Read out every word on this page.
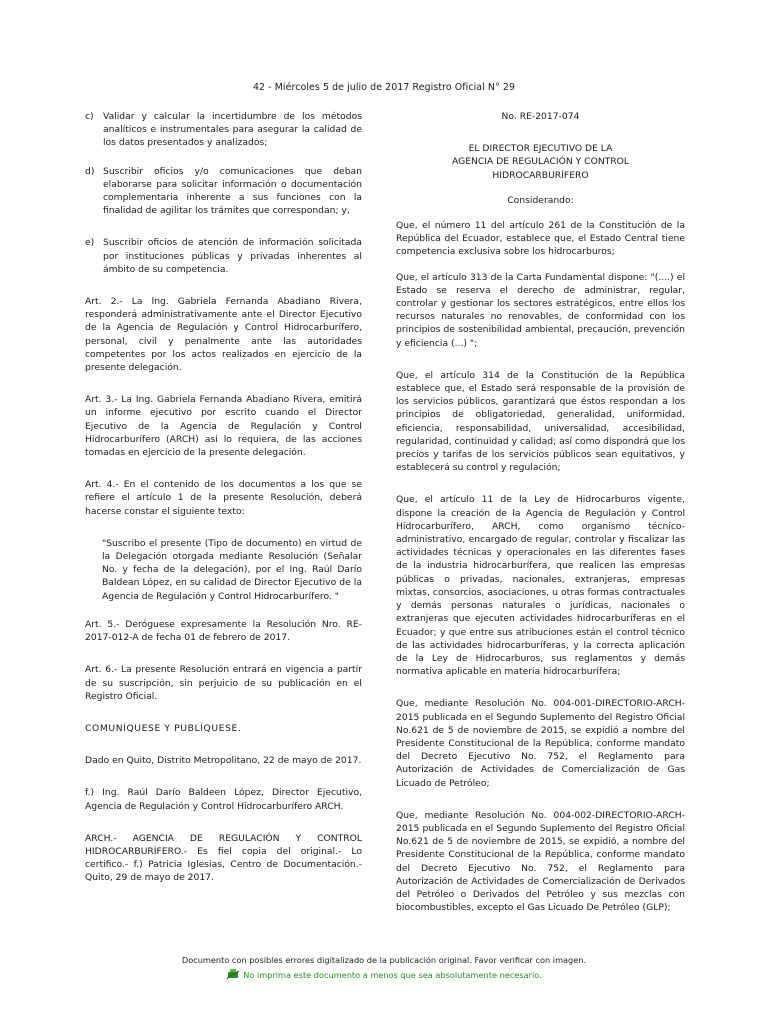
42 - Miércoles 5 de julio de 2017 Registro Oficial N° 29
c)	Validar y calcular la incertidumbre de los métodos analíticos e instrumentales para asegurar la calidad de los datos presentados y analizados;
d) Suscribir oficios y/o comunicaciones que deban elaborarse para solicitar información o documentación complementaria inherente a sus funciones con la finalidad de agilitar los trámites que correspondan; y,
e) Suscribir oficios de atención de información solicitada por instituciones públicas y privadas inherentes al ámbito de su competencia.

Art. 2.- La Ing. Gabriela Fernanda Abadiano Rivera, responderá administrativamente ante el Director Ejecutivo de la Agencia de Regulación y Control Hidrocarburífero, personal, civil y penalmente ante las autoridades competentes por los actos realizados en ejercicio de la presente delegación.

Art. 3.- La Ing. Gabriela Fernanda Abadiano Rivera, emitirá un informe ejecutivo por escrito cuando el Director Ejecutivo de la Agencia de Regulación y Control Hidrocarburífero (ARCH) así lo requiera, de las acciones tomadas en ejercicio de la presente delegación.

Art. 4.- En el contenido de los documentos a los que se refiere el artículo 1 de la presente Resolución, deberá hacerse constar el siguiente texto:

"Suscribo el presente (Tipo de documento) en virtud de la Delegación otorgada mediante Resolución (Señalar No. y fecha de la delegación), por el Ing. Raúl Darío Baldean López, en su calidad de Director Ejecutivo de la Agencia de Regulación y Control Hidrocarburífero. "

Art. 5.- Deróguese expresamente la Resolución Nro. RE-2017-012-A de fecha 01 de febrero de 2017.

Art. 6.- La presente Resolución entrará en vigencia a partir de su suscripción, sin perjuicio de su publicación en el Registro Oficial.

COMUNÍQUESE Y PUBLÍQUESE.

Dado en Quito, Distrito Metropolitano, 22 de mayo de 2017.

f.) Ing. Raúl Darío Baldeen López, Director Ejecutivo, Agencia de Regulación y Control Hidrocarburífero ARCH.

ARCH.- AGENCIA DE REGULACIÓN Y CONTROL HIDROCARBURÍFERO.- Es fiel copia del original.- Lo certifico.- f.) Patricia Iglesias, Centro de Documentación.- Quito, 29 de mayo de 2017.

No. RE-2017-074

EL DIRECTOR EJECUTIVO DE LA

AGENCIA DE REGULACIÓN Y CONTROL

HIDROCARBURÍFERO

Considerando:

Que, el número 11 del artículo 261 de la Constitución de la República del Ecuador, establece que, el Estado Central tiene competencia exclusiva sobre los hidrocarburos;

Que, el artículo 313 de la Carta Fundamental dispone: "(....) el Estado se reserva el derecho de administrar, regular, controlar y gestionar los sectores estratégicos, entre ellos los recursos naturales no renovables, de conformidad con los principios de sostenibilidad ambiental, precaución, prevención y eficiencia (...) ";

Que, el artículo 314 de la Constitución de la República establece que, el Estado será responsable de la provisión de los servicios públicos, garantizará que éstos respondan a los principios de obligatoriedad, generalidad, uniformidad, eficiencia, responsabilidad, universalidad, accesibilidad, regularidad, continuidad y calidad; así como dispondrá que los precios y tarifas de los servicios públicos sean equitativos, y establecerá su control y regulación;

Que, el artículo 11 de la Ley de Hidrocarburos vigente, dispone la creación de la Agencia de Regulación y Control Hidrocarburífero, ARCH, como organismo técnico-administrativo, encargado de regular, controlar y fiscalizar las actividades técnicas y operacionales en las diferentes fases de la industria hidrocarburífera, que realicen las empresas públicas o privadas, nacionales, extranjeras, empresas mixtas, consorcios, asociaciones, u otras formas contractuales y demás personas naturales o jurídicas, nacionales o extranjeras que ejecuten actividades hidrocarburíferas en el Ecuador; y que entre sus atribuciones están el control técnico de las actividades hidrocarburíferas, y la correcta aplicación de la Ley de Hidrocarburos, sus reglamentos y demás normativa aplicable en materia hidrocarburífera;

Que, mediante Resolución No. 004-001-DIRECTORIO-ARCH-2015 publicada en el Segundo Suplemento del Registro Oficial No.621 de 5 de noviembre de 2015, se expidió a nombre del Presidente Constitucional de la República, conforme mandato del Decreto Ejecutivo No. 752, el Reglamento para Autorización de Actividades de Comercialización de Gas Licuado de Petróleo;

Que, mediante Resolución No. 004-002-DIRECTORIO-ARCH-2015 publicada en el Segundo Suplemento del Registro Oficial No.621 de 5 de noviembre de 2015, se expidió, a nombre del Presidente Constitucional de la República, conforme mandato del Decreto Ejecutivo No. 752, el Reglamento para Autorización de Actividades de Comercialización de Derivados del Petróleo o Derivados del Petróleo y sus mezclas con biocombustibles, excepto el Gas Licuado De Petróleo (GLP);

Documento con posibles errores digitalizado de la publicación original. Favor verificar con imagen.
No imprima este documento a menos que sea absolutamente necesario.
